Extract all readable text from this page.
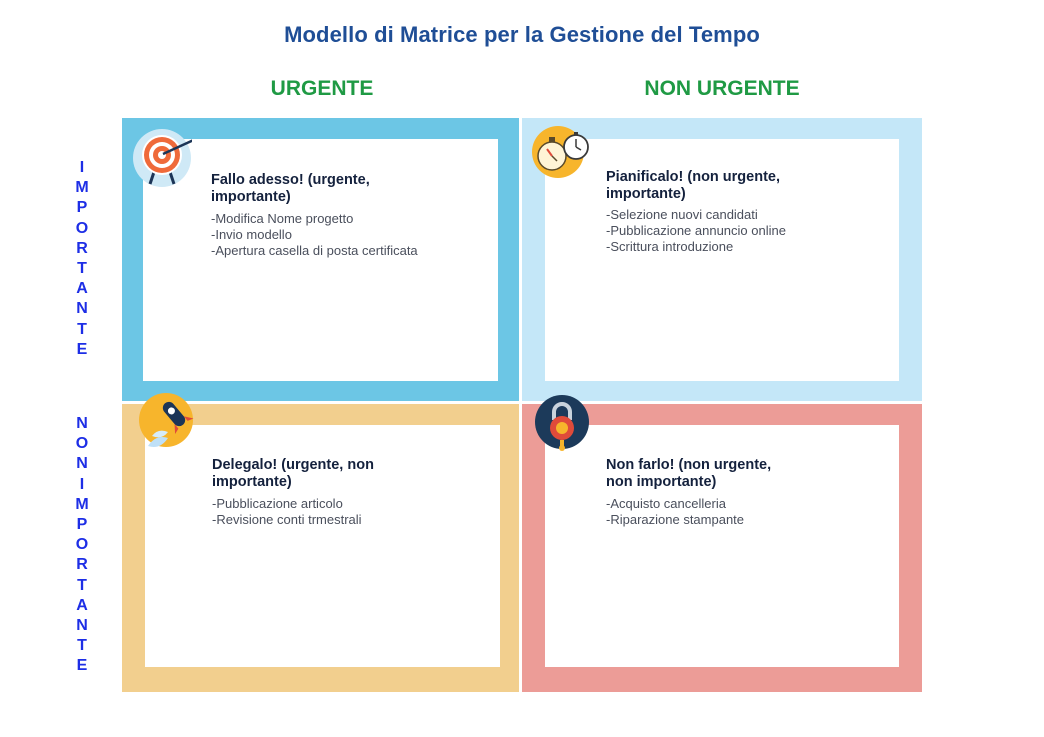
Modello di Matrice per la Gestione del Tempo
URGENTE	NON URGENTE
I
M
P
O
R
T
A
N
T
E
N
O
N
I
M
P
O
R
T
A
N
T
E
Fallo adesso! (urgente, importante)
-Modifica Nome progetto
-Invio modello
-Apertura casella di posta certificata
Pianificalo! (non urgente, importante)
-Selezione nuovi candidati
-Pubblicazione annuncio online
-Scrittura introduzione
Delegalo! (urgente, non importante)
-Pubblicazione articolo
-Revisione conti trmestrali
Non farlo! (non urgente, non importante)
-Acquisto cancelleria
-Riparazione stampante
